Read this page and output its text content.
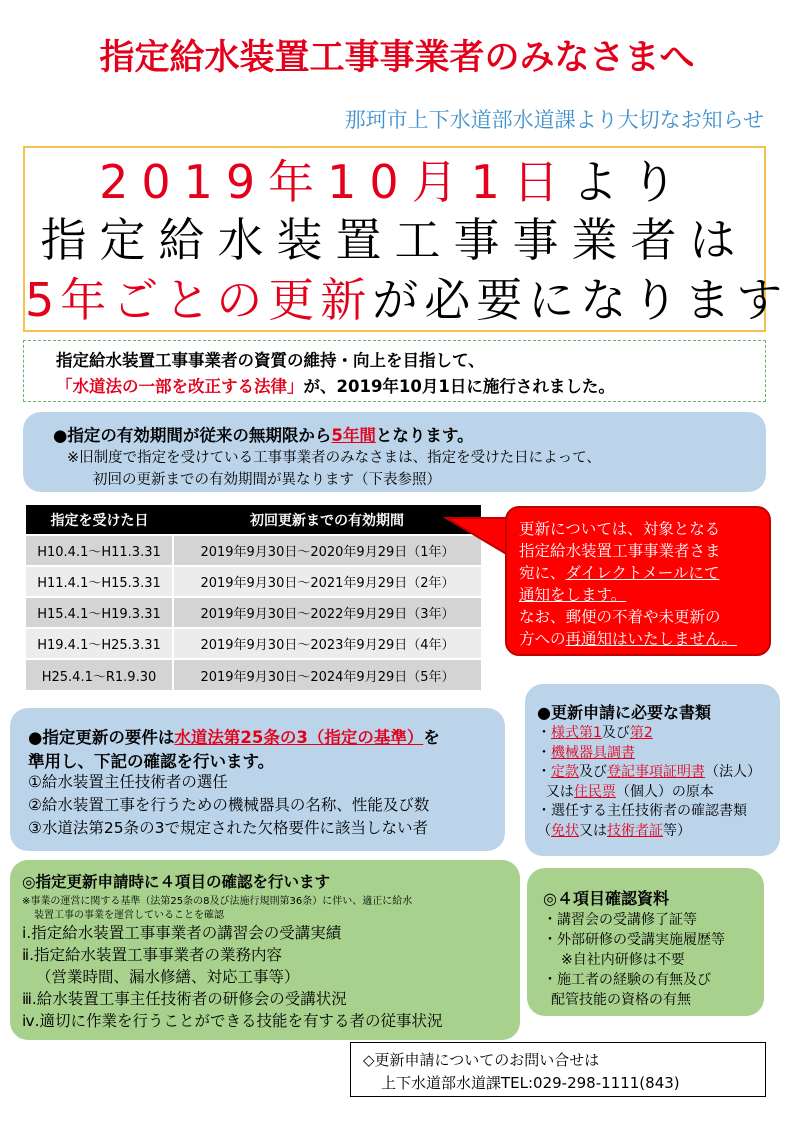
指定給水装置工事事業者のみなさまへ
那珂市上下水道部水道課より大切なお知らせ
2019年10月1日より
指定給水装置工事事業者は
5年ごとの更新が必要になります
指定給水装置工事事業者の資質の維持・向上を目指して、
「水道法の一部を改正する法律」が、2019年10月1日に施行されました。
●指定の有効期間が従来の無期限から5年間となります。
※旧制度で指定を受けている工事事業者のみなさまは、指定を受けた日によって、
初回の更新までの有効期間が異なります（下表参照）
指定を受けた日	初回更新までの有効期間
H10.4.1～H11.3.31	2019年9月30日～2020年9月29日（1年）
H11.4.1～H15.3.31	2019年9月30日～2021年9月29日（2年）
H15.4.1～H19.3.31	2019年9月30日～2022年9月29日（3年）
H19.4.1～H25.3.31	2019年9月30日～2023年9月29日（4年）
H25.4.1～R1.9.30	2019年9月30日～2024年9月29日（5年）
更新については、対象となる
指定給水装置工事事業者さま
宛に、ダイレクトメールにて
通知をします。
なお、郵便の不着や未更新の
方への再通知はいたしません。
●更新申請に必要な書類
・様式第1及び第2
・機械器具調書
・定款及び登記事項証明書（法人）
又は住民票（個人）の原本
・選任する主任技術者の確認書類
（免状又は技術者証等）
●指定更新の要件は水道法第25条の3（指定の基準）を
準用し、下記の確認を行います。
①給水装置主任技術者の選任
②給水装置工事を行うための機械器具の名称、性能及び数
③水道法第25条の3で規定された欠格要件に該当しない者
◎指定更新申請時に４項目の確認を行います
※事業の運営に関する基準（法第25条の8及び法施行規則第36条）に伴い、適正に給水
装置工事の事業を運営していることを確認
ⅰ.指定給水装置工事事業者の講習会の受講実績
ⅱ.指定給水装置工事事業者の業務内容
（営業時間、漏水修繕、対応工事等）
ⅲ.給水装置工事主任技術者の研修会の受講状況
ⅳ.適切に作業を行うことができる技能を有する者の従事状況
◎４項目確認資料
・講習会の受講修了証等
・外部研修の受講実施履歴等
※自社内研修は不要
・施工者の経験の有無及び
配管技能の資格の有無
◇更新申請についてのお問い合せは
上下水道部水道課TEL:029-298-1111(843)
